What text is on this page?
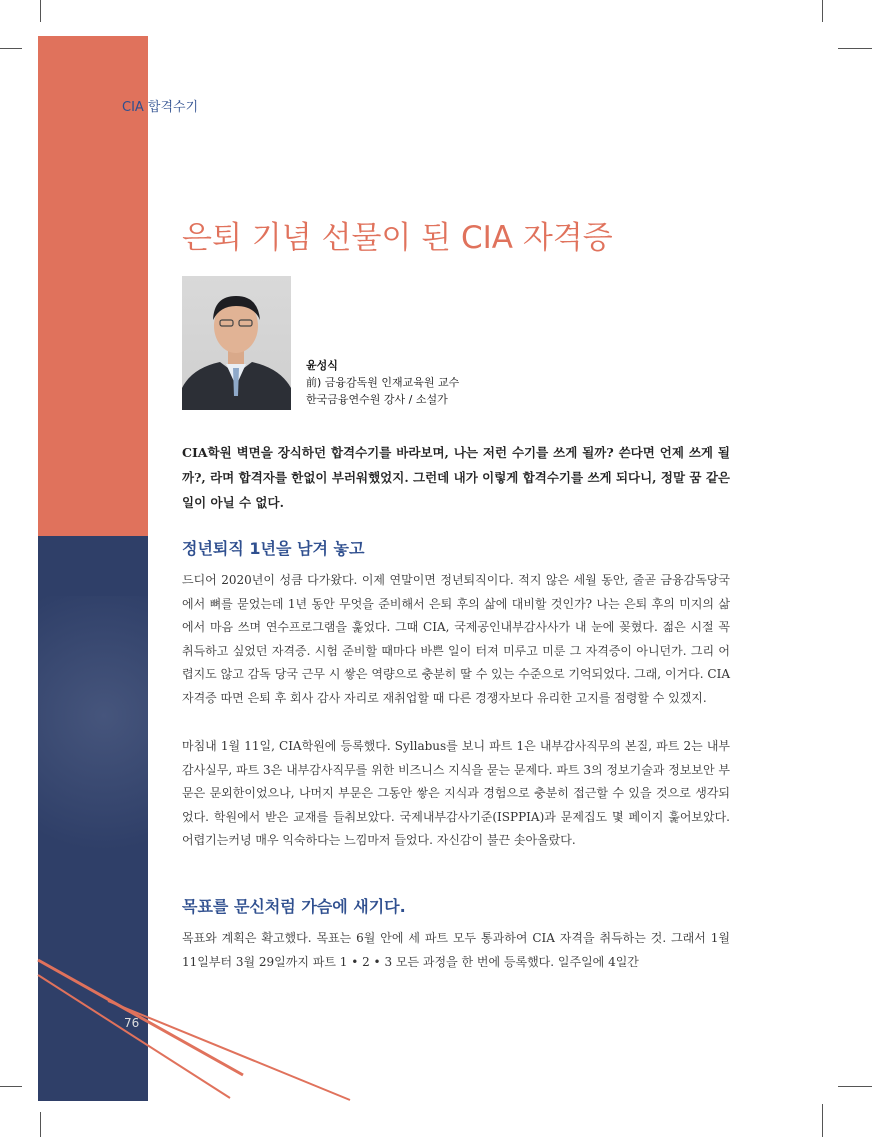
CIA 합격수기
은퇴 기념 선물이 된 CIA 자격증
윤성식
前) 금융감독원 인재교육원 교수
한국금융연수원 강사 / 소설가
CIA학원 벽면을 장식하던 합격수기를 바라보며, 나는 저런 수기를 쓰게 될까? 쓴다면 언제 쓰게 될까?, 라며 합격자를 한없이 부러워했었지. 그런데 내가 이렇게 합격수기를 쓰게 되다니, 정말 꿈 같은 일이 아닐 수 없다.
정년퇴직 1년을 남겨 놓고
드디어 2020년이 성큼 다가왔다. 이제 연말이면 정년퇴직이다. 적지 않은 세월 동안, 줄곧 금융감독당국에서 뼈를 묻었는데 1년 동안 무엇을 준비해서 은퇴 후의 삶에 대비할 것인가? 나는 은퇴 후의 미지의 삶에서 마음 쓰며 연수프로그램을 훑었다. 그때 CIA, 국제공인내부감사사가 내 눈에 꽂혔다. 젊은 시절 꼭 취득하고 싶었던 자격증. 시험 준비할 때마다 바쁜 일이 터져 미루고 미룬 그 자격증이 아니던가. 그리 어렵지도 않고 감독 당국 근무 시 쌓은 역량으로 충분히 딸 수 있는 수준으로 기억되었다. 그래, 이거다. CIA 자격증 따면 은퇴 후 회사 감사 자리로 재취업할 때 다른 경쟁자보다 유리한 고지를 점령할 수 있겠지.
마침내 1월 11일, CIA학원에 등록했다. Syllabus를 보니 파트 1은 내부감사직무의 본질, 파트 2는 내부감사실무, 파트 3은 내부감사직무를 위한 비즈니스 지식을 묻는 문제다. 파트 3의 정보기술과 정보보안 부문은 문외한이었으나, 나머지 부문은 그동안 쌓은 지식과 경험으로 충분히 접근할 수 있을 것으로 생각되었다. 학원에서 받은 교재를 들춰보았다. 국제내부감사기준(ISPPIA)과 문제집도 몇 페이지 훑어보았다. 어렵기는커녕 매우 익숙하다는 느낌마저 들었다. 자신감이 불끈 솟아올랐다.
목표를 문신처럼 가슴에 새기다.
목표와 계획은 확고했다. 목표는 6월 안에 세 파트 모두 통과하여 CIA 자격을 취득하는 것. 그래서 1월 11일부터 3월 29일까지 파트 1 • 2 • 3 모든 과정을 한 번에 등록했다. 일주일에 4일간
76
